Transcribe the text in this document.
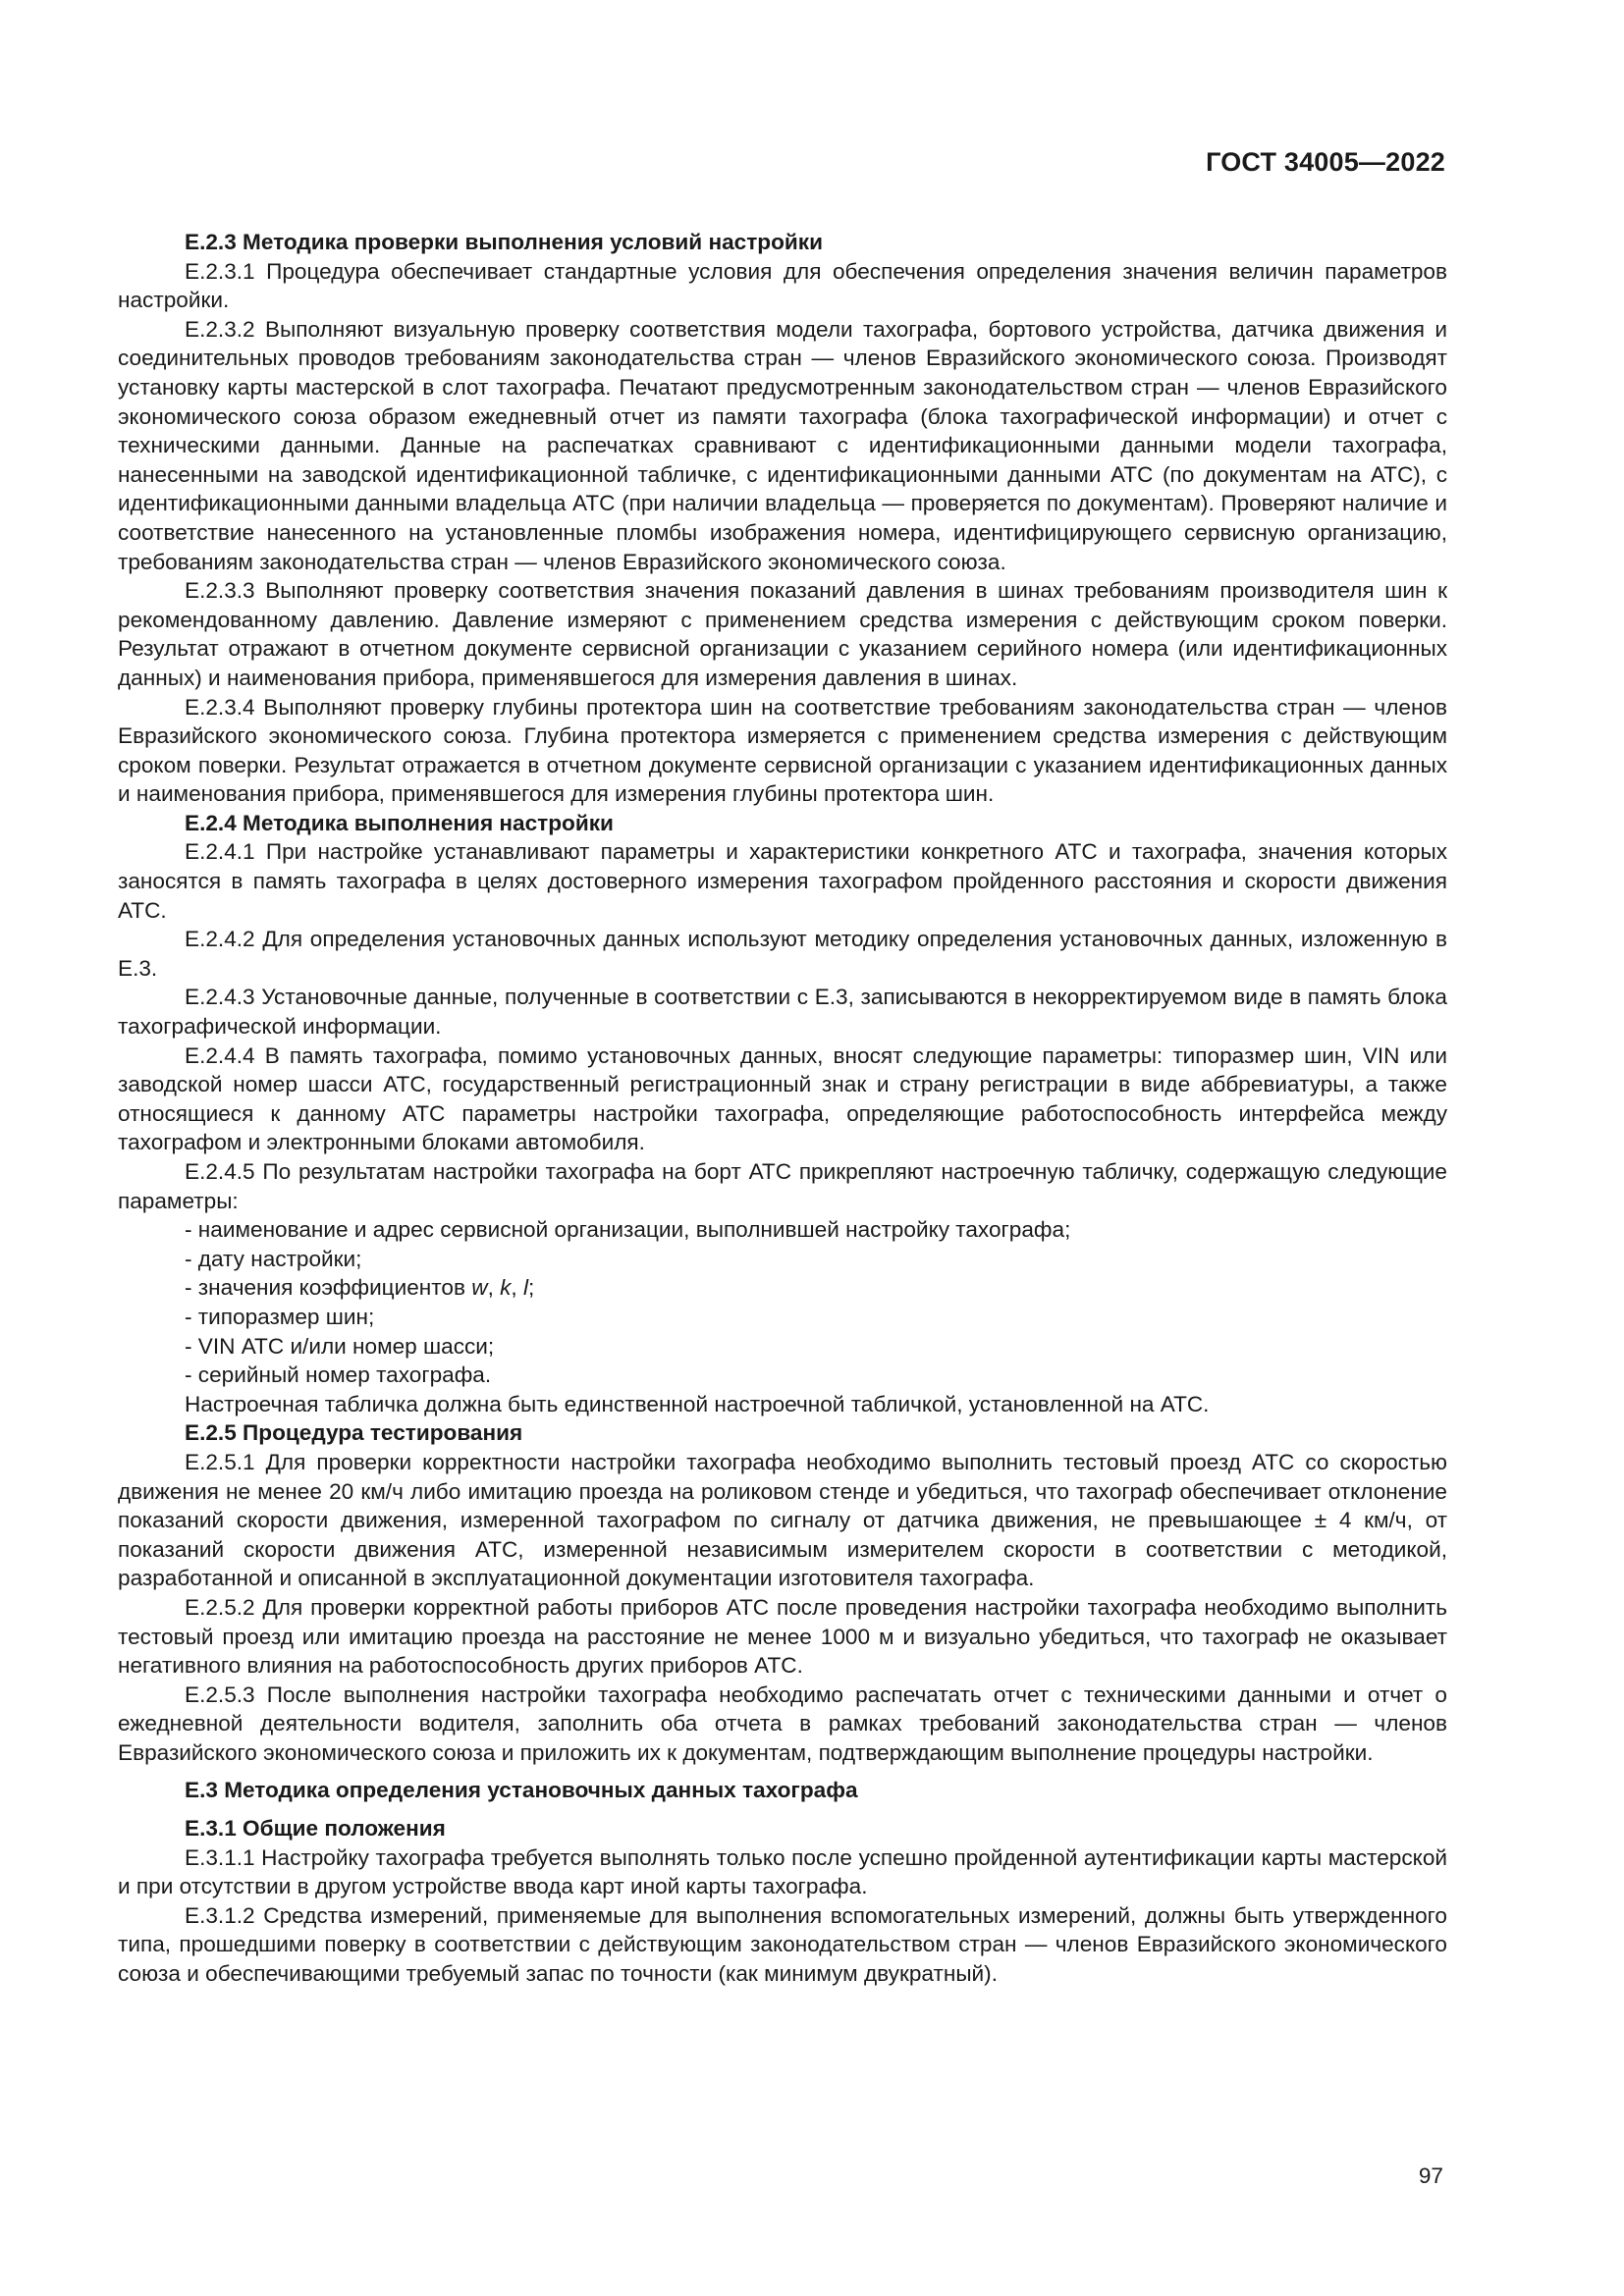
ГОСТ 34005—2022

Е.2.3 Методика проверки выполнения условий настройки

Е.2.3.1 Процедура обеспечивает стандартные условия для обеспечения определения значения величин параметров настройки.

Е.2.3.2 Выполняют визуальную проверку соответствия модели тахографа, бортового устройства, датчика движения и соединительных проводов требованиям законодательства стран — членов Евразийского экономического союза. Производят установку карты мастерской в слот тахографа. Печатают предусмотренным законодательством стран — членов Евразийского экономического союза образом ежедневный отчет из памяти тахографа (блока тахографической информации) и отчет с техническими данными. Данные на распечатках сравнивают с идентификационными данными модели тахографа, нанесенными на заводской идентификационной табличке, с идентификационными данными АТС (по документам на АТС), с идентификационными данными владельца АТС (при наличии владельца — проверяется по документам). Проверяют наличие и соответствие нанесенного на установленные пломбы изображения номера, идентифицирующего сервисную организацию, требованиям законодательства стран — членов Евразийского экономического союза.

Е.2.3.3 Выполняют проверку соответствия значения показаний давления в шинах требованиям производителя шин к рекомендованному давлению. Давление измеряют с применением средства измерения с действующим сроком поверки. Результат отражают в отчетном документе сервисной организации с указанием серийного номера (или идентификационных данных) и наименования прибора, применявшегося для измерения давления в шинах.

Е.2.3.4 Выполняют проверку глубины протектора шин на соответствие требованиям законодательства стран — членов Евразийского экономического союза. Глубина протектора измеряется с применением средства измерения с действующим сроком поверки. Результат отражается в отчетном документе сервисной организации с указанием идентификационных данных и наименования прибора, применявшегося для измерения глубины протектора шин.

Е.2.4 Методика выполнения настройки

Е.2.4.1 При настройке устанавливают параметры и характеристики конкретного АТС и тахографа, значения которых заносятся в память тахографа в целях достоверного измерения тахографом пройденного расстояния и скорости движения АТС.

Е.2.4.2 Для определения установочных данных используют методику определения установочных данных, изложенную в Е.3.

Е.2.4.3 Установочные данные, полученные в соответствии с Е.3, записываются в некорректируемом виде в память блока тахографической информации.

Е.2.4.4 В память тахографа, помимо установочных данных, вносят следующие параметры: типоразмер шин, VIN или заводской номер шасси АТС, государственный регистрационный знак и страну регистрации в виде аббревиатуры, а также относящиеся к данному АТС параметры настройки тахографа, определяющие работоспособность интерфейса между тахографом и электронными блоками автомобиля.

Е.2.4.5 По результатам настройки тахографа на борт АТС прикрепляют настроечную табличку, содержащую следующие параметры:

- наименование и адрес сервисной организации, выполнившей настройку тахографа;

- дату настройки;

- значения коэффициентов w, k, l;

- типоразмер шин;

- VIN АТС и/или номер шасси;

- серийный номер тахографа.

Настроечная табличка должна быть единственной настроечной табличкой, установленной на АТС.

Е.2.5 Процедура тестирования

Е.2.5.1 Для проверки корректности настройки тахографа необходимо выполнить тестовый проезд АТС со скоростью движения не менее 20 км/ч либо имитацию проезда на роликовом стенде и убедиться, что тахограф обеспечивает отклонение показаний скорости движения, измеренной тахографом по сигналу от датчика движения, не превышающее ± 4 км/ч, от показаний скорости движения АТС, измеренной независимым измерителем скорости в соответствии с методикой, разработанной и описанной в эксплуатационной документации изготовителя тахографа.

Е.2.5.2 Для проверки корректной работы приборов АТС после проведения настройки тахографа необходимо выполнить тестовый проезд или имитацию проезда на расстояние не менее 1000 м и визуально убедиться, что тахограф не оказывает негативного влияния на работоспособность других приборов АТС.

Е.2.5.3 После выполнения настройки тахографа необходимо распечатать отчет с техническими данными и отчет о ежедневной деятельности водителя, заполнить оба отчета в рамках требований законодательства стран — членов Евразийского экономического союза и приложить их к документам, подтверждающим выполнение процедуры настройки.

Е.3 Методика определения установочных данных тахографа

Е.3.1 Общие положения

Е.3.1.1 Настройку тахографа требуется выполнять только после успешно пройденной аутентификации карты мастерской и при отсутствии в другом устройстве ввода карт иной карты тахографа.

Е.3.1.2 Средства измерений, применяемые для выполнения вспомогательных измерений, должны быть утвержденного типа, прошедшими поверку в соответствии с действующим законодательством стран — членов Евразийского экономического союза и обеспечивающими требуемый запас по точности (как минимум двукратный).

97
